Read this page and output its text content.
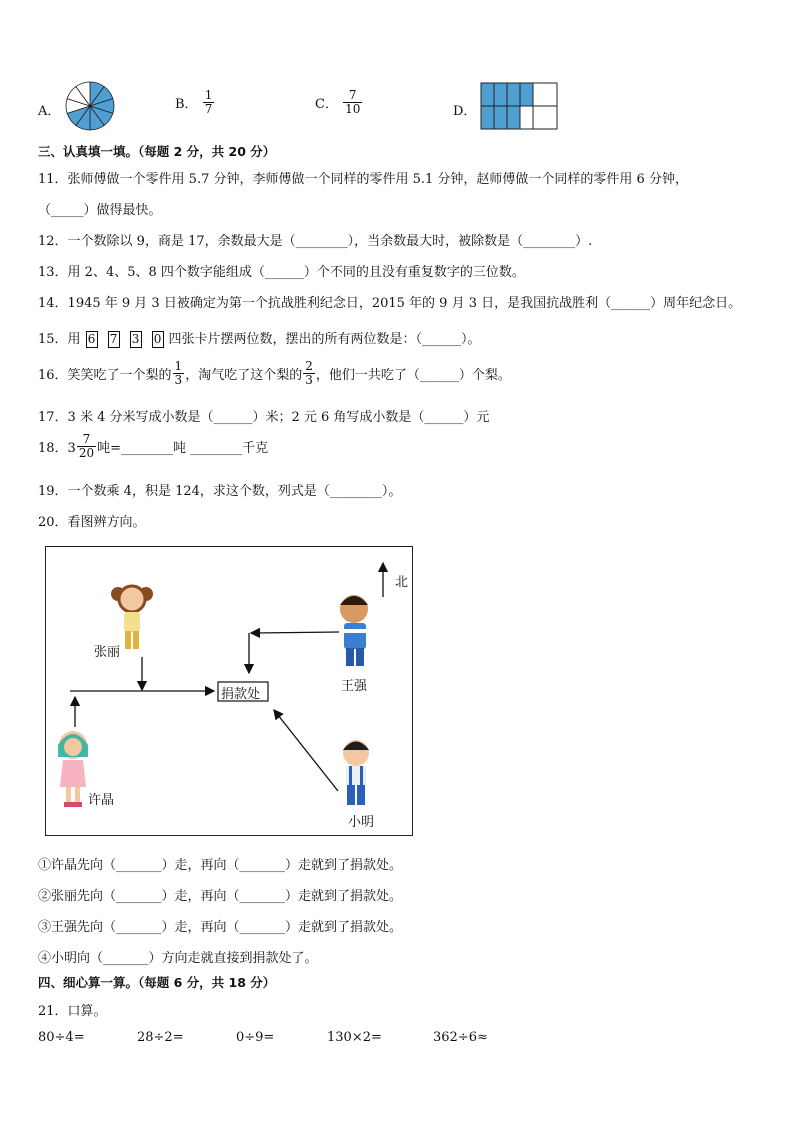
A．	B． $\frac{1}{7}$	C． $\frac{7}{10}$	D．
三、认真填一填。（每题 2 分，共 20 分）
11．张师傅做一个零件用 5.7 分钟，李师傅做一个同样的零件用 5.1 分钟，赵师傅做一个同样的零件用 6 分钟，
（_____）做得最快。
12．一个数除以 9，商是 17，余数最大是（________），当余数最大时，被除数是（________）.
13．用 2、4、5、8 四个数字能组成（______）个不同的且没有重复数字的三位数。
14．1945 年 9 月 3 日被确定为第一个抗战胜利纪念日，2015 年的 9 月 3 日，是我国抗战胜利（______）周年纪念日。
15．用 6 7 3 0 四张卡片摆两位数，摆出的所有两位数是：（______）。
16．笑笑吃了一个梨的 $\frac{1}{3}$ ，淘气吃了这个梨的 $\frac{2}{3}$ ，他们一共吃了（______）个梨。
17．3 米 4 分米写成小数是（______）米；2 元 6 角写成小数是（______）元
18．$3 \frac{7}{20}$ 吨=________吨 ________千克
19．一个数乘 4，积是 124，求这个数，列式是（________）。
20．看图辨方向。
北
张丽
王强
捐款处
许晶
小明
①许晶先向（_______）走，再向（_______）走就到了捐款处。
②张丽先向（_______）走，再向（_______）走就到了捐款处。
③王强先向（_______）走，再向（_______）走就到了捐款处。
④小明向（_______）方向走就直接到捐款处了。
四、细心算一算。（每题 6 分，共 18 分）
21．口算。
80÷4=	28÷2=	0÷9=	130×2=	362÷6≈
